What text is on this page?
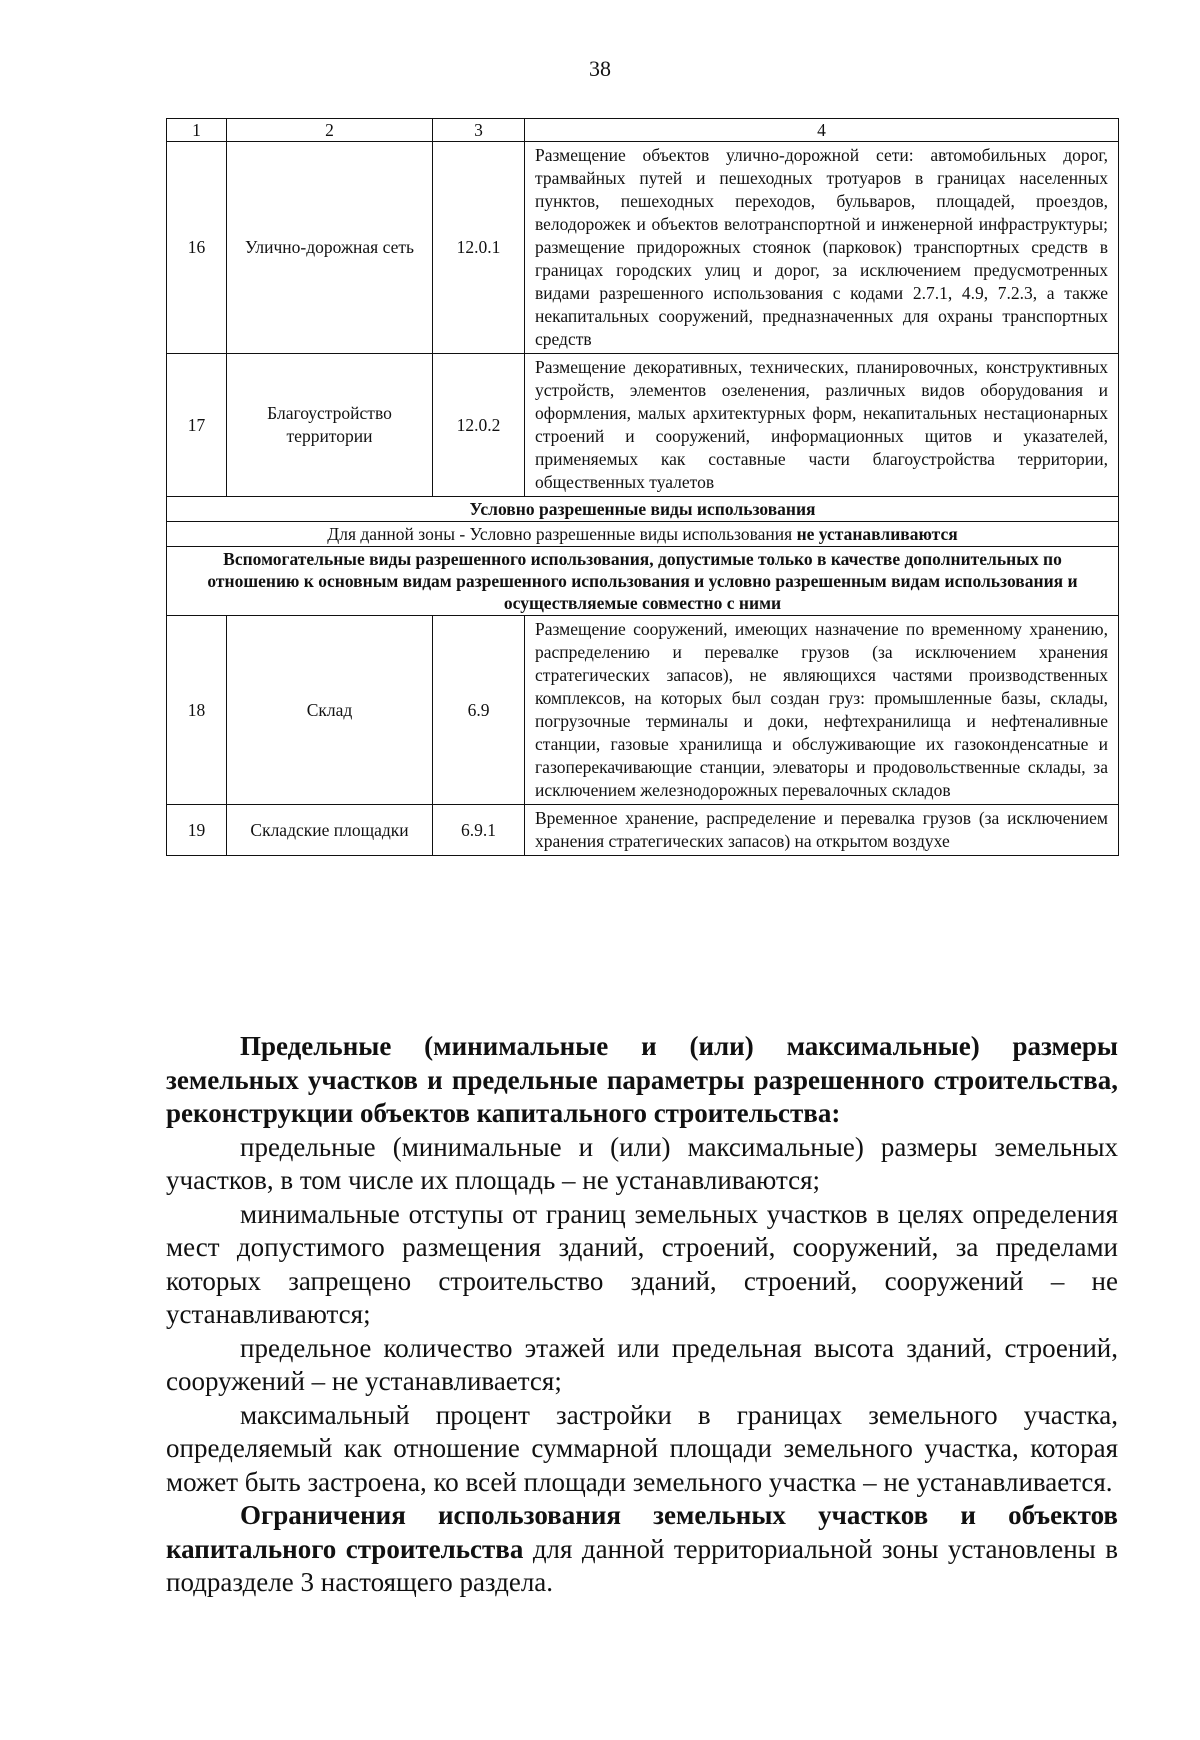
38
1	2	3	4
16	Улично-дорожная сеть	12.0.1	Размещение объектов улично-дорожной сети: автомобильных дорог, трамвайных путей и пешеходных тротуаров в границах населенных пунктов, пешеходных переходов, бульваров, площадей, проездов, велодорожек и объектов велотранспортной и инженерной инфраструктуры; размещение придорожных стоянок (парковок) транспортных средств в границах городских улиц и дорог, за исключением предусмотренных видами разрешенного использования с кодами 2.7.1, 4.9, 7.2.3, а также некапитальных сооружений, предназначенных для охраны транспортных средств
17	Благоустройство территории	12.0.2	Размещение декоративных, технических, планировочных, конструктивных устройств, элементов озеленения, различных видов оборудования и оформления, малых архитектурных форм, некапитальных нестационарных строений и сооружений, информационных щитов и указателей, применяемых как составные части благоустройства территории, общественных туалетов
Условно разрешенные виды использования			
Для данной зоны - Условно разрешенные виды использования не устанавливаются			
Вспомогательные виды разрешенного использования, допустимые только в качестве дополнительных по отношению к основным видам разрешенного использования и условно разрешенным видам использования и осуществляемые совместно с ними			
18	Склад	6.9	Размещение сооружений, имеющих назначение по временному хранению, распределению и перевалке грузов (за исключением хранения стратегических запасов), не являющихся частями производственных комплексов, на которых был создан груз: промышленные базы, склады, погрузочные терминалы и доки, нефтехранилища и нефтеналивные станции, газовые хранилища и обслуживающие их газоконденсатные и газоперекачивающие станции, элеваторы и продовольственные склады, за исключением железнодорожных перевалочных складов
19	Складские площадки	6.9.1	Временное хранение, распределение и перевалка грузов (за исключением хранения стратегических запасов) на открытом воздухе

Предельные (минимальные и (или) максимальные) размеры земельных участков и предельные параметры разрешенного строительства, реконструкции объектов капитального строительства:

предельные (минимальные и (или) максимальные) размеры земельных участков, в том числе их площадь – не устанавливаются;

минимальные отступы от границ земельных участков в целях определения мест допустимого размещения зданий, строений, сооружений, за пределами которых запрещено строительство зданий, строений, сооружений – не устанавливаются;

предельное количество этажей или предельная высота зданий, строений, сооружений – не устанавливается;

максимальный процент застройки в границах земельного участка, определяемый как отношение суммарной площади земельного участка, которая может быть застроена, ко всей площади земельного участка – не устанавливается.

Ограничения использования земельных участков и объектов капитального строительства для данной территориальной зоны установлены в подразделе 3 настоящего раздела.
